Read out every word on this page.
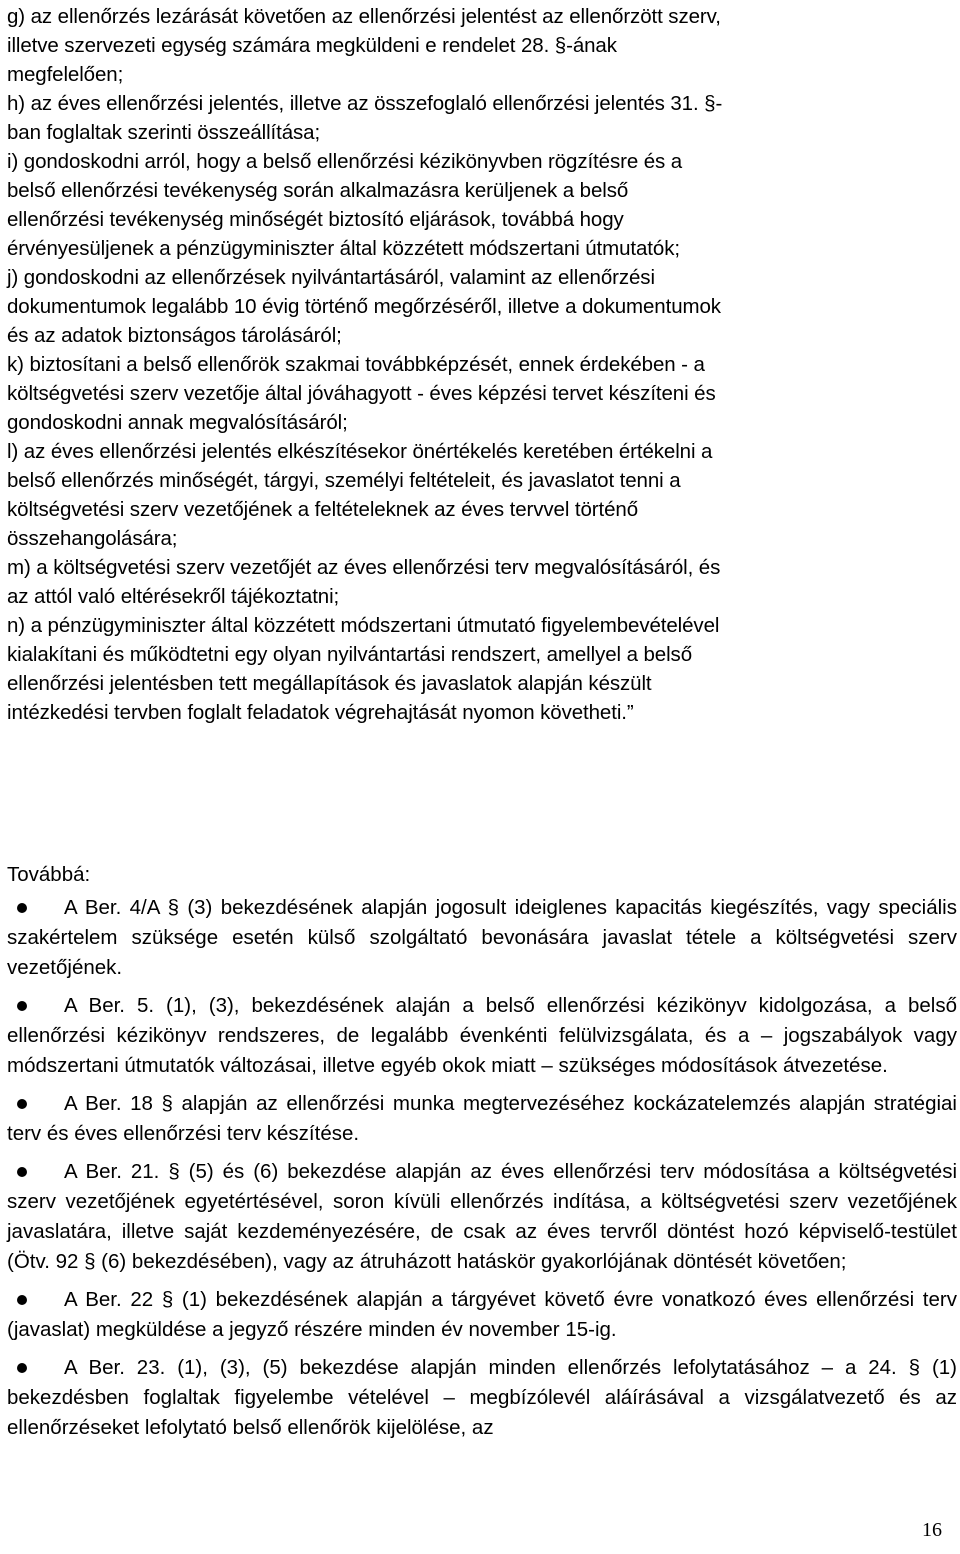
g) az ellenőrzés lezárását követően az ellenőrzési jelentést az ellenőrzött szerv,
illetve szervezeti egység számára megküldeni e rendelet 28. §-ának
megfelelően;
h) az éves ellenőrzési jelentés, illetve az összefoglaló ellenőrzési jelentés 31. §-
ban foglaltak szerinti összeállítása;
i) gondoskodni arról, hogy a belső ellenőrzési kézikönyvben rögzítésre és a
belső ellenőrzési tevékenység során alkalmazásra kerüljenek a belső
ellenőrzési tevékenység minőségét biztosító eljárások, továbbá hogy
érvényesüljenek a pénzügyminiszter által közzétett módszertani útmutatók;
j) gondoskodni az ellenőrzések nyilvántartásáról, valamint az ellenőrzési
dokumentumok legalább 10 évig történő megőrzéséről, illetve a dokumentumok
és az adatok biztonságos tárolásáról;
k) biztosítani a belső ellenőrök szakmai továbbképzését, ennek érdekében - a
költségvetési szerv vezetője által jóváhagyott - éves képzési tervet készíteni és
gondoskodni annak megvalósításáról;
l) az éves ellenőrzési jelentés elkészítésekor önértékelés keretében értékelni a
belső ellenőrzés minőségét, tárgyi, személyi feltételeit, és javaslatot tenni a
költségvetési szerv vezetőjének a feltételeknek az éves tervvel történő
összehangolására;
m) a költségvetési szerv vezetőjét az éves ellenőrzési terv megvalósításáról, és
az attól való eltérésekről tájékoztatni;
n) a pénzügyminiszter által közzétett módszertani útmutató figyelembevételével
kialakítani és működtetni egy olyan nyilvántartási rendszert, amellyel a belső
ellenőrzési jelentésben tett megállapítások és javaslatok alapján készült
intézkedési tervben foglalt feladatok végrehajtását nyomon követheti.”
Továbbá:

A Ber. 4/A § (3) bekezdésének alapján jogosult ideiglenes kapacitás kiegészítés, vagy speciális szakértelem szüksége esetén külső szolgáltató bevonására javaslat tétele a költségvetési szerv vezetőjének.

A Ber. 5. (1), (3), bekezdésének alaján a belső ellenőrzési kézikönyv kidolgozása, a belső ellenőrzési kézikönyv rendszeres, de legalább évenkénti felülvizsgálata, és a – jogszabályok vagy módszertani útmutatók változásai, illetve egyéb okok miatt – szükséges módosítások átvezetése.

A Ber. 18 § alapján az ellenőrzési munka megtervezéséhez kockázatelemzés alapján stratégiai terv és éves ellenőrzési terv készítése.

A Ber. 21. § (5) és (6) bekezdése alapján az éves ellenőrzési terv módosítása a költségvetési szerv vezetőjének egyetértésével, soron kívüli ellenőrzés indítása, a költségvetési szerv vezetőjének javaslatára, illetve saját kezdeményezésére, de csak az éves tervről döntést hozó képviselő-testület (Ötv. 92 § (6) bekezdésében), vagy az átruházott hatáskör gyakorlójának döntését követően;

A Ber. 22 § (1) bekezdésének alapján a tárgyévet követő évre vonatkozó éves ellenőrzési terv (javaslat) megküldése a jegyző részére minden év november 15-ig.

A Ber. 23. (1), (3), (5) bekezdése alapján minden ellenőrzés lefolytatásához – a 24. § (1) bekezdésben foglaltak figyelembe vételével – megbízólevél aláírásával a vizsgálatvezető és az ellenőrzéseket lefolytató belső ellenőrök kijelölése, az

16
